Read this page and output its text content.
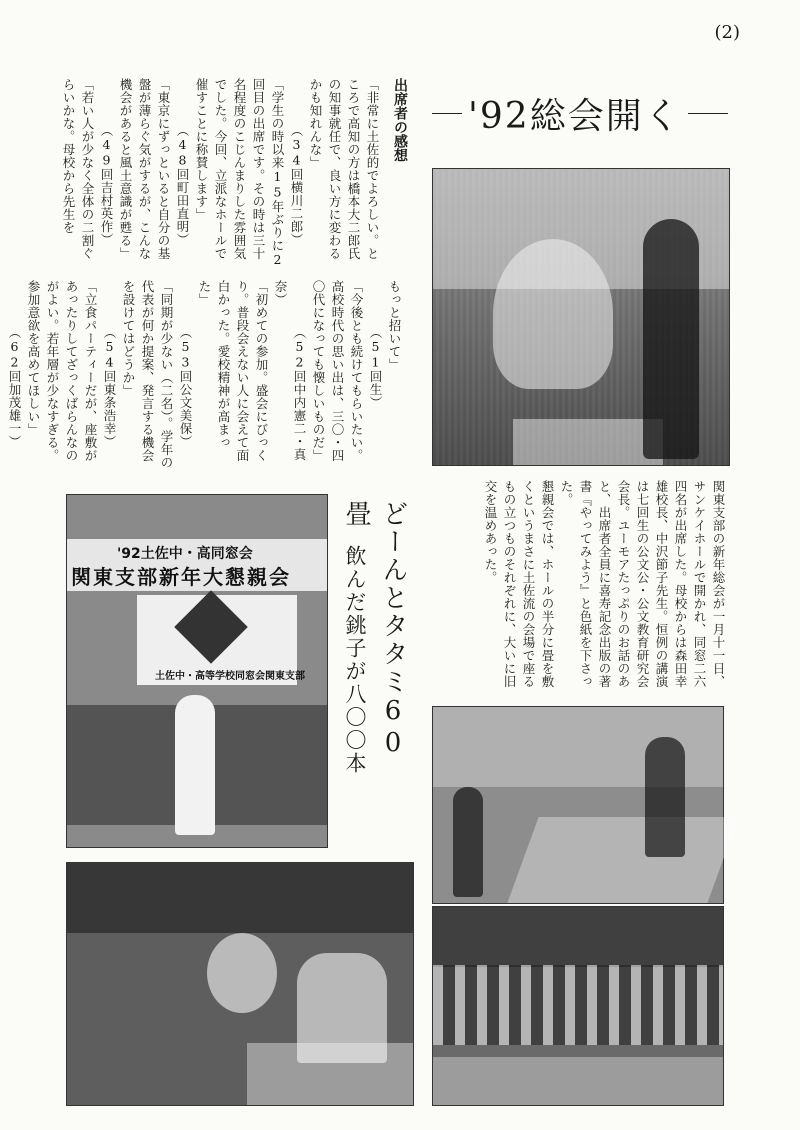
(2)
出席者の感想
「非常に土佐的でよろしい。ところで高知の方は橋本大二郎氏の知事就任で、良い方に変わるかも知れんな」
　　　　（34回横川二郎）
「学生の時以来15年ぶりに2回目の出席です。その時は三十名程度のこじんまりした雰囲気でした。今回、立派なホールで催すことに称賛します」
　　　　（48回町田直明）
「東京にずっといると自分の基盤が薄らぐ気がするが、こんな機会があると風土意識が甦る」
　　　　（49回吉村英作）
「若い人が少なく全体の二割ぐらいかな。母校から先生を
もっと招いて」
　　　　（51回生）
「今後とも続けてもらいたい。高校時代の思い出は、三〇・四〇代になっても懐しいものだ」
　　　　（52回中内憲二・真奈）
「初めての参加。盛会にびっくり。普段会えない人に会えて面白かった。愛校精神が高まった」
　　　　（53回公文美保）
「同期が少ない（二名）。学年の代表が何か提案、発言する機会を設けてはどうか」
　　　　（54回東条浩幸）
「立食パーティーだが、座敷があったりしてざっくばらんなのがよい。若年層が少なすぎる。参加意欲を高めてほしい」
　　　　（62回加茂雄一）
'92総会開く
関東支部の新年総会が一月十一日、サンケイホールで開かれ、同窓二六四名が出席した。母校からは森田幸雄校長、中沢節子先生。恒例の講演は七回生の公文公・公文教育研究会会長。ユーモアたっぷりのお話のあと、出席者全員に喜寿記念出版の著書『やってみよう』と色紙を下さった。
懇親会では、ホールの半分に畳を敷くというまさに土佐流の会場で座るもの立つものそれぞれに、大いに旧交を温めあった。
どーんとタタミ60畳
飲んだ銚子が八〇〇本
'92土佐中・高同窓会
関東支部新年大懇親会
土佐中・高等学校同窓会関東支部
